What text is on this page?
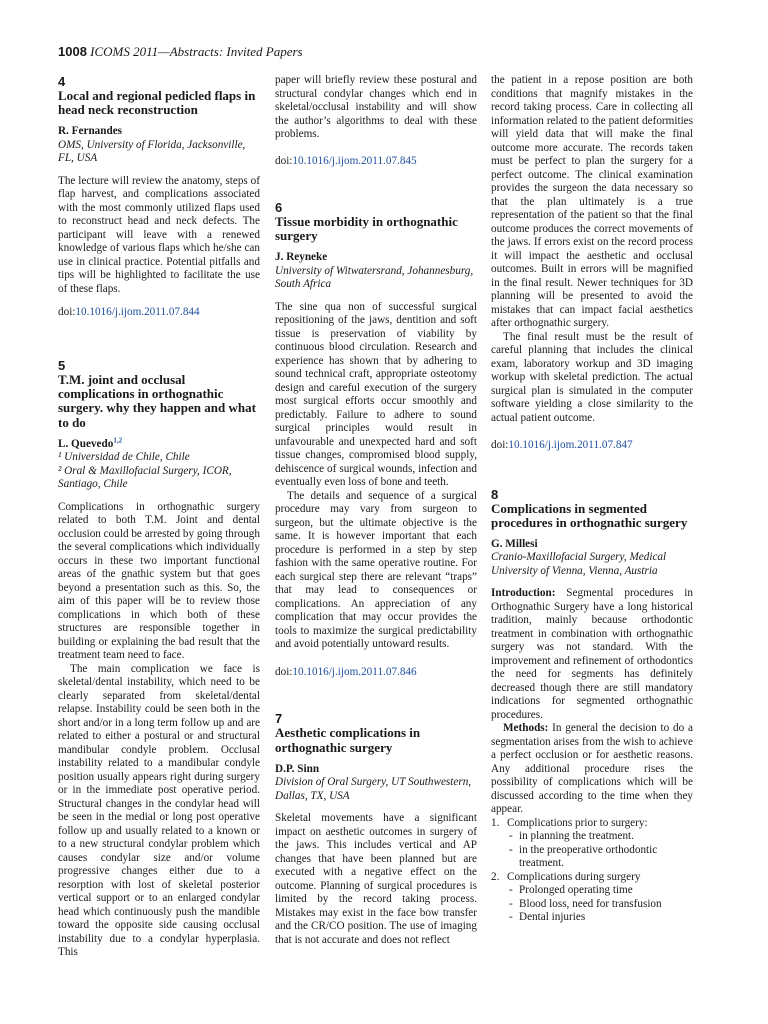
1008 ICOMS 2011—Abstracts: Invited Papers

4

Local and regional pedicled flaps in head neck reconstruction

R. Fernandes

OMS, University of Florida, Jacksonville, FL, USA

The lecture will review the anatomy, steps of flap harvest, and complications associated with the most commonly utilized flaps used to reconstruct head and neck defects. The participant will leave with a renewed knowledge of various flaps which he/she can use in clinical practice. Potential pitfalls and tips will be highlighted to facilitate the use of these flaps.

doi:10.1016/j.ijom.2011.07.844

5

T.M. joint and occlusal complications in orthognathic surgery. why they happen and what to do

L. Quevedo$^{1,2}$

¹ Universidad de Chile, Chile

² Oral & Maxillofacial Surgery, ICOR, Santiago, Chile

Complications in orthognathic surgery related to both T.M. Joint and dental occlusion could be arrested by going through the several complications which individually occurs in these two important functional areas of the gnathic system but that goes beyond a presentation such as this. So, the aim of this paper will be to review those complications in which both of these structures are responsible together in building or explaining the bad result that the treatment team need to face.

The main complication we face is skeletal/dental instability, which need to be clearly separated from skeletal/dental relapse. Instability could be seen both in the short and/or in a long term follow up and are related to either a postural or and structural mandibular condyle problem. Occlusal instability related to a mandibular condyle position usually appears right during surgery or in the immediate post operative period. Structural changes in the condylar head will be seen in the medial or long post operative follow up and usually related to a known or to a new structural condylar problem which causes condylar size and/or volume progressive changes either due to a resorption with lost of skeletal posterior vertical support or to an enlarged condylar head which continuously push the mandible toward the opposite side causing occlusal instability due to a condylar hyperplasia. This

paper will briefly review these postural and structural condylar changes which end in skeletal/occlusal instability and will show the author’s algorithms to deal with these problems.

doi:10.1016/j.ijom.2011.07.845

6

Tissue morbidity in orthognathic surgery

J. Reyneke

University of Witwatersrand, Johannesburg, South Africa

The sine qua non of successful surgical repositioning of the jaws, dentition and soft tissue is preservation of viability by continuous blood circulation. Research and experience has shown that by adhering to sound technical craft, appropriate osteotomy design and careful execution of the surgery most surgical efforts occur smoothly and predictably. Failure to adhere to sound surgical principles would result in unfavourable and unexpected hard and soft tissue changes, compromised blood supply, dehiscence of surgical wounds, infection and eventually even loss of bone and teeth.

The details and sequence of a surgical procedure may vary from surgeon to surgeon, but the ultimate objective is the same. It is however important that each procedure is performed in a step by step fashion with the same operative routine. For each surgical step there are relevant “traps” that may lead to consequences or complications. An appreciation of any complication that may occur provides the tools to maximize the surgical predictability and avoid potentially untoward results.

doi:10.1016/j.ijom.2011.07.846

7

Aesthetic complications in orthognathic surgery

D.P. Sinn

Division of Oral Surgery, UT Southwestern, Dallas, TX, USA

Skeletal movements have a significant impact on aesthetic outcomes in surgery of the jaws. This includes vertical and AP changes that have been planned but are executed with a negative effect on the outcome. Planning of surgical procedures is limited by the record taking process. Mistakes may exist in the face bow transfer and the CR/CO position. The use of imaging that is not accurate and does not reflect

the patient in a repose position are both conditions that magnify mistakes in the record taking process. Care in collecting all information related to the patient deformities will yield data that will make the final outcome more accurate. The records taken must be perfect to plan the surgery for a perfect outcome. The clinical examination provides the surgeon the data necessary so that the plan ultimately is a true representation of the patient so that the final outcome produces the correct movements of the jaws. If errors exist on the record process it will impact the aesthetic and occlusal outcomes. Built in errors will be magnified in the final result. Newer techniques for 3D planning will be presented to avoid the mistakes that can impact facial aesthetics after orthognathic surgery.

The final result must be the result of careful planning that includes the clinical exam, laboratory workup and 3D imaging workup with skeletal prediction. The actual surgical plan is simulated in the computer software yielding a close similarity to the actual patient outcome.

doi:10.1016/j.ijom.2011.07.847

8

Complications in segmented procedures in orthognathic surgery

G. Millesi

Cranio-Maxillofacial Surgery, Medical University of Vienna, Vienna, Austria

Introduction: Segmental procedures in Orthognathic Surgery have a long historical tradition, mainly because orthodontic treatment in combination with orthognathic surgery was not standard. With the improvement and refinement of orthodontics the need for segments has definitely decreased though there are still mandatory indications for segmented orthognathic procedures.

Methods: In general the decision to do a segmentation arises from the wish to achieve a perfect occlusion or for aesthetic reasons. Any additional procedure rises the possibility of complications which will be discussed according to the time when they appear.

1. Complications prior to surgery:
- in planning the treatment.
- in the preoperative orthodontic treatment.
2. Complications during surgery
- Prolonged operating time
- Blood loss, need for transfusion
- Dental injuries
